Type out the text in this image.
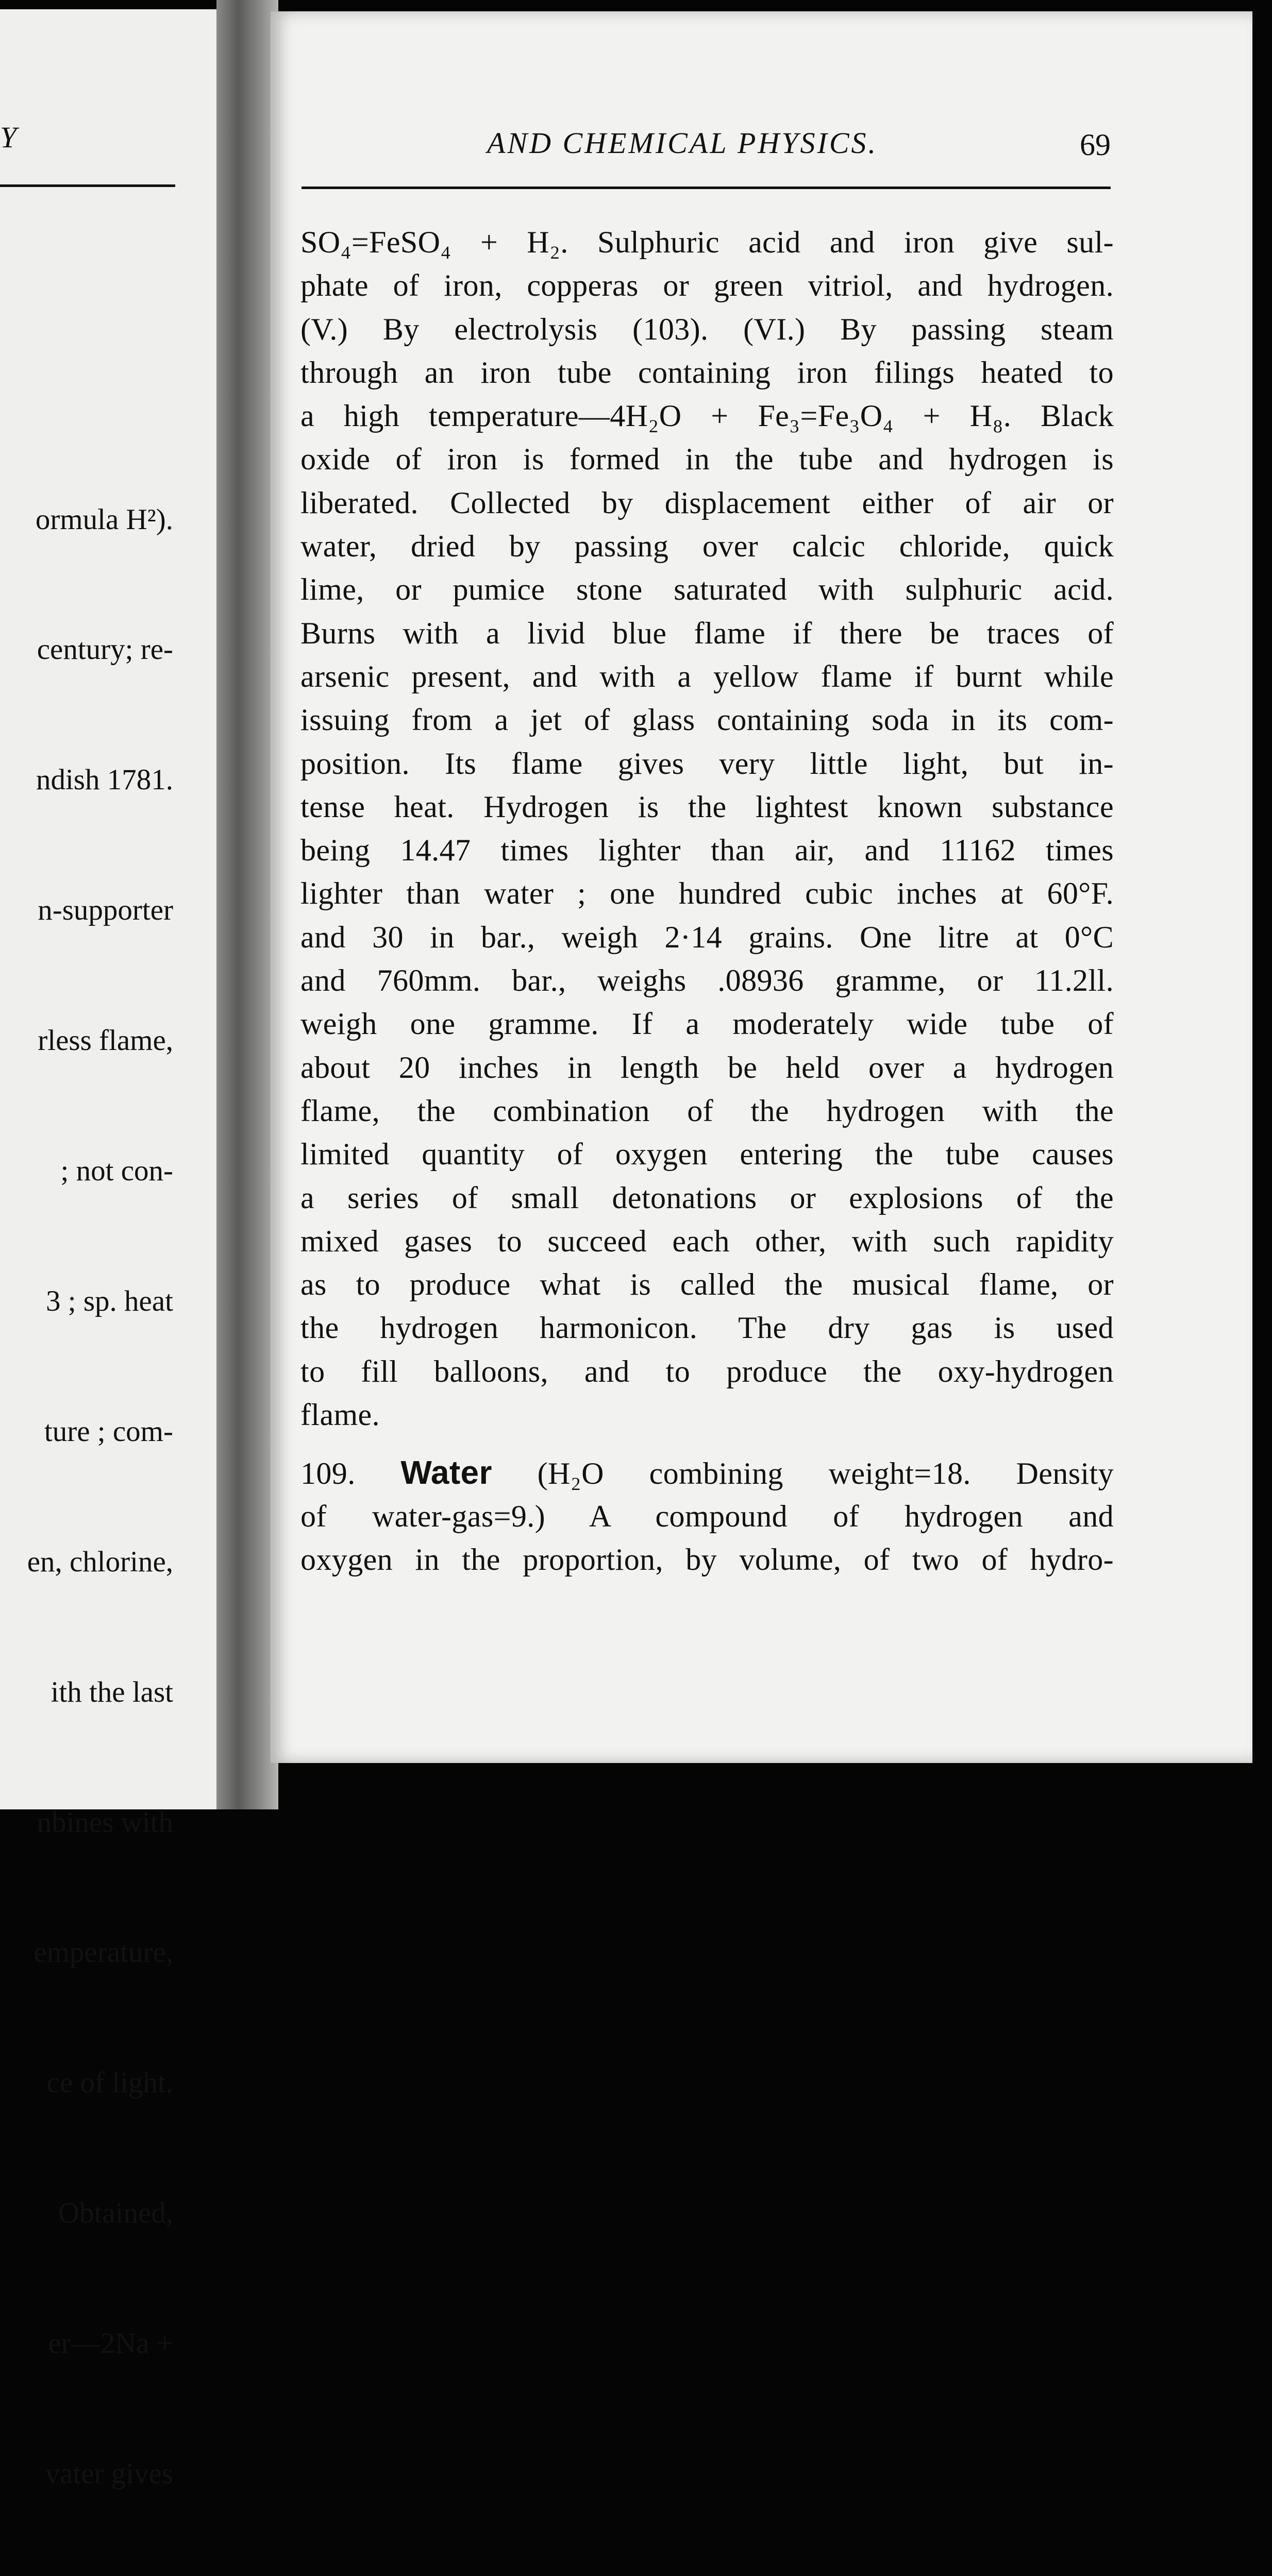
Y

ormula H²).

century; re-

ndish 1781.

n-supporter

rless flame,

; not con-

3 ; sp. heat

ture ; com-

en, chlorine,

ith the last

nbines with

emperature,

ce of light.

Obtained,

er—2Na +

vater gives

AND CHEMICAL PHYSICS.	69
SO₄=FeSO₄ + H₂. Sulphuric acid and iron give sul-
phate of iron, copperas or green vitriol, and hydrogen.
(V.) By electrolysis (103). (VI.) By passing steam
through an iron tube containing iron filings heated to
a high temperature—4H₂O + Fe₃=Fe₃O₄ + H₈. Black
oxide of iron is formed in the tube and hydrogen is
liberated. Collected by displacement either of air or
water, dried by passing over calcic chloride, quick
lime, or pumice stone saturated with sulphuric acid.
Burns with a livid blue flame if there be traces of
arsenic present, and with a yellow flame if burnt while
issuing from a jet of glass containing soda in its com-
position. Its flame gives very little light, but in-
tense heat. Hydrogen is the lightest known substance
being 14.47 times lighter than air, and 11162 times
lighter than water ; one hundred cubic inches at 60°F.
and 30 in bar., weigh 2·14 grains. One litre at 0°C
and 760mm. bar., weighs .08936 gramme, or 11.2ll.
weigh one gramme. If a moderately wide tube of
about 20 inches in length be held over a hydrogen
flame, the combination of the hydrogen with the
limited quantity of oxygen entering the tube causes
a series of small detonations or explosions of the
mixed gases to succeed each other, with such rapidity
as to produce what is called the musical flame, or
the hydrogen harmonicon. The dry gas is used
to fill balloons, and to produce the oxy-hydrogen
flame.
109. Water (H₂O combining weight=18. Density
of water-gas=9.) A compound of hydrogen and
oxygen in the proportion, by volume, of two of hydro-
